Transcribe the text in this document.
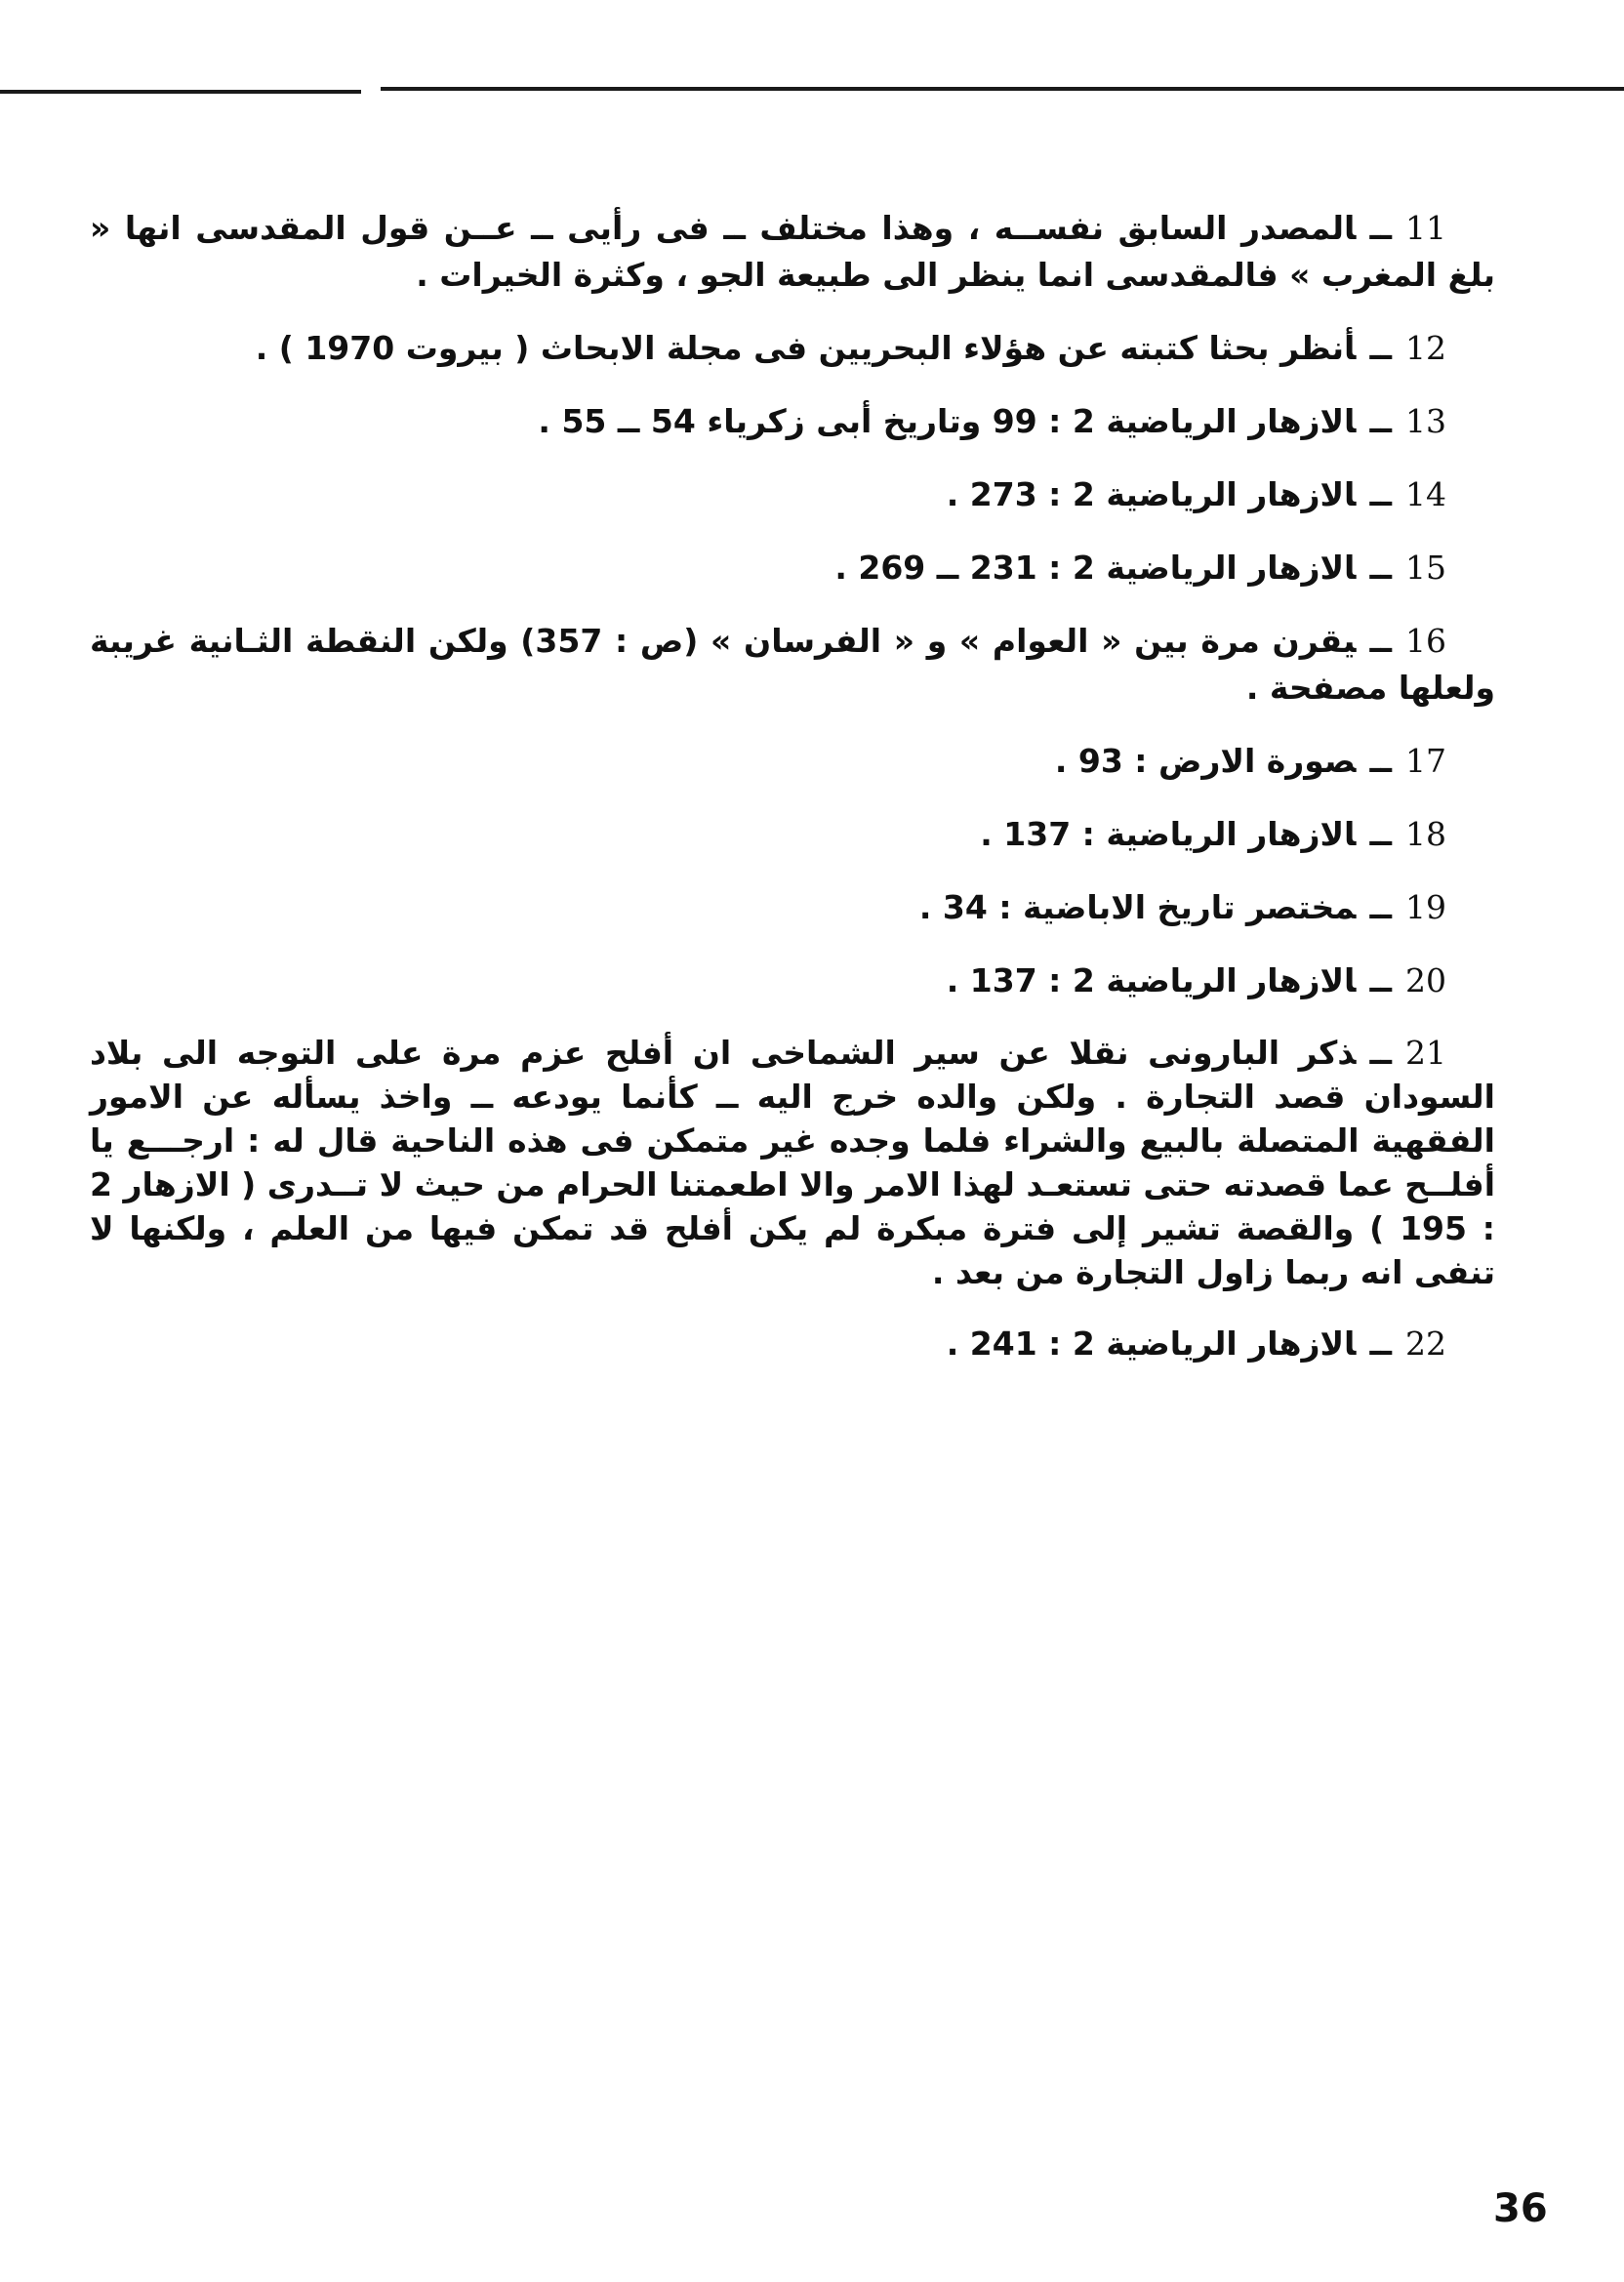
11ــالمصدر السابق نفســه ، وهذا مختلف ــ فى رأيى ــ عــن قول المقدسى انها « بلغ المغرب » فالمقدسى انما ينظر الى طبيعة الجو ، وكثرة الخيرات .

12ــأنظر بحثا كتبته عن هؤلاء البحريين فى مجلة الابحاث ( بيروت 1970 ) .

13ــالازهار الرياضية 2 : 99 وتاريخ أبى زكرياء 54 ــ 55 .

14ــالازهار الرياضية 2 : 273 .

15ــالازهار الرياضية 2 : 231 ــ 269 .

16ــيقرن مرة بين « العوام » و « الفرسان » (ص : 357) ولكن النقطة الثـانية غريبة ولعلها مصفحة .

17ــصورة الارض : 93 .

18ــالازهار الرياضية : 137 .

19ــمختصر تاريخ الاباضية : 34 .

20ــالازهار الرياضية 2 : 137 .

21ــذكر البارونى نقلا عن سير الشماخى ان أفلح عزم مرة على التوجه الى بلاد السودان قصد التجارة . ولكن والده خرج اليه ــ كأنما يودعه ــ واخذ يسأله عن الامور الفقهية المتصلة بالبيع والشراء فلما وجده غير متمكن فى هذه الناحية قال له : ارجـــع يا أفلــح عما قصدته حتى تستعـد لهذا الامر والا اطعمتنا الحرام من حيث لا تــدرى ( الازهار 2 : 195 ) والقصة تشير إلى فترة مبكرة لم يكن أفلح قد تمكن فيها من العلم ، ولكنها لا تنفى انه ربما زاول التجارة من بعد .

22ــالازهار الرياضية 2 : 241 .

36
